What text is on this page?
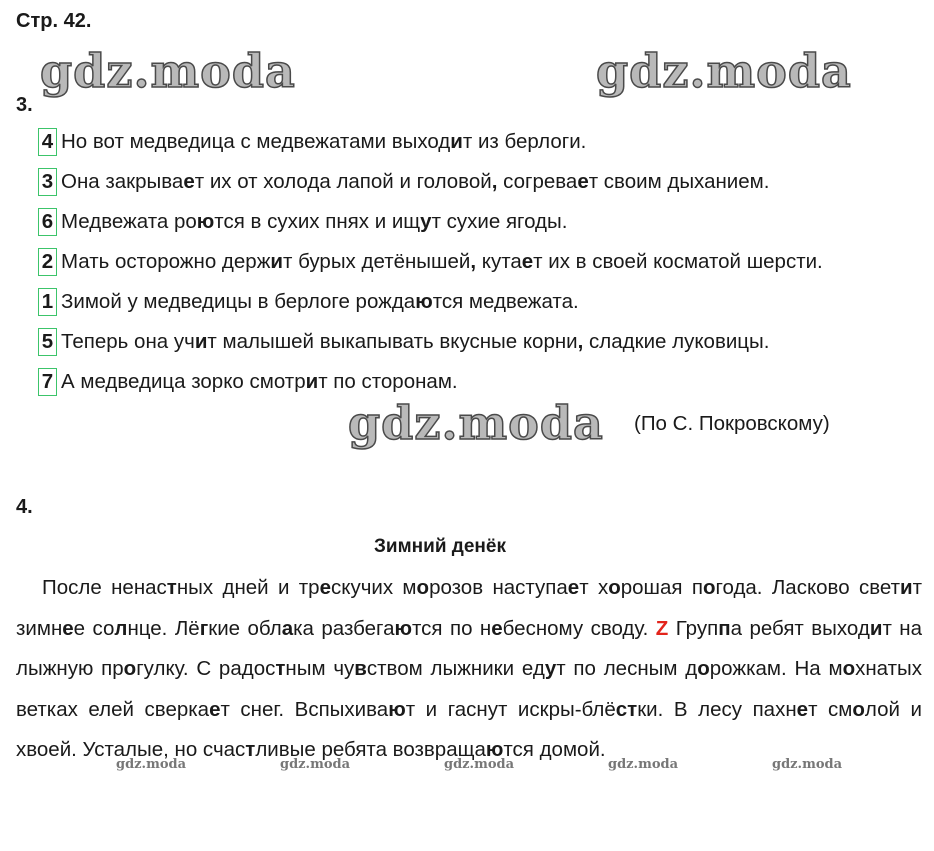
Стр. 42.
gdz.moda	gdz.moda
gdz.moda
3.
4 Но вот медведица с медвежатами выходит из берлоги.
3 Она закрывает их от холода лапой и головой, согревает своим дыханием.
6 Медвежата роются в сухих пнях и ищут сухие ягоды.
2 Мать осторожно держит бурых детёнышей, кутает их в своей косматой шерсти.
1 Зимой у медведицы в берлоге рождаются медвежата.
5 Теперь она учит малышей выкапывать вкусные корни, сладкие луковицы.
7 А медведица зорко смотрит по сторонам.
(По С. Покровскому)
4.
Зимний денёк

После ненастных дней и трескучих морозов наступает хорошая погода. Ласково светит зимнее солнце. Лёгкие облака разбегаются по небесному своду. Z Группа ребят выходит на лыжную прогулку. С радостным чувством лыжники едут по лесным дорожкам. На мохнатых ветках елей сверкает снег. Вспыхивают и гаснут искры-блёстки. В лесу пахнет смолой и хвоей. Усталые, но счастливые ребята возвращаются домой.

gdz.moda	gdz.moda	gdz.moda	gdz.moda	gdz.moda
